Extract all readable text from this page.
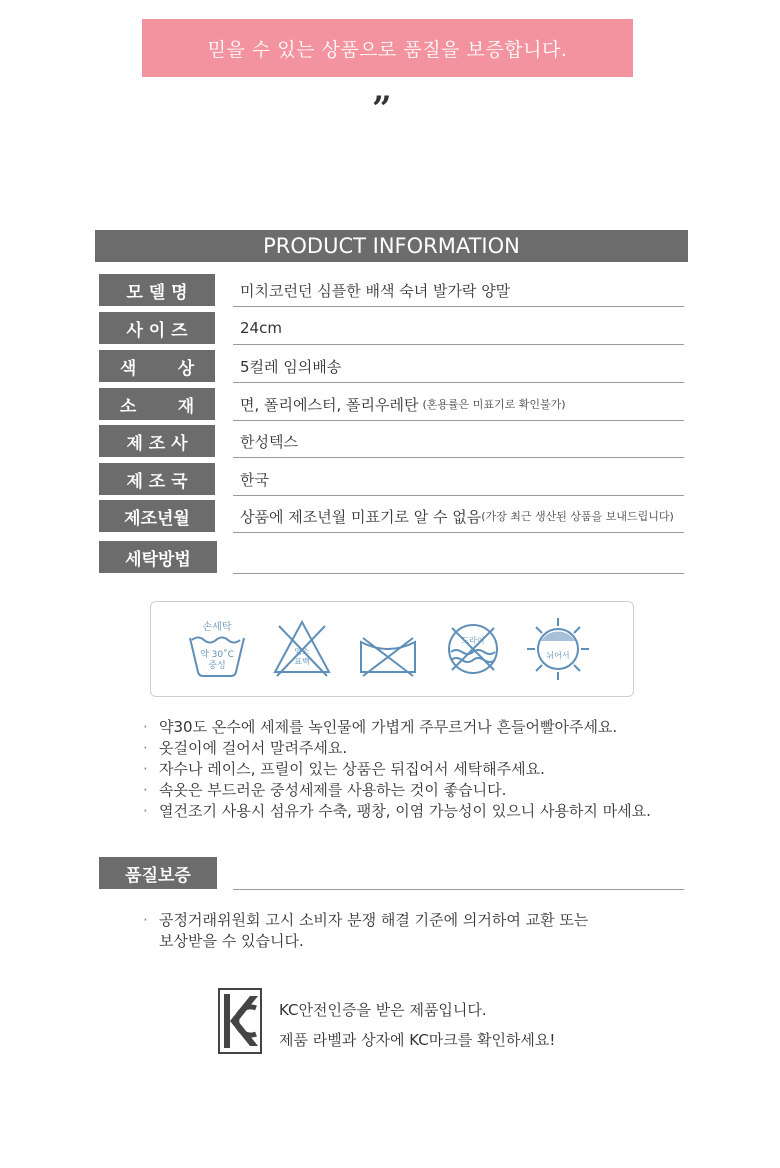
믿을 수 있는 상품으로 품질을 보증합니다.
”
PRODUCT INFORMATION
모 델 명	미치코런던 심플한 배색 숙녀 발가락 양말
사 이 즈	24cm
색       상	5컬레 임의배송
소       재	면, 폴리에스터, 폴리우레탄 (혼용률은 미표기로 확인불가)
제 조 사	한성텍스
제 조 국	한국
제조년월	상품에 제조년월 미표기로 알 수 없음 (가장 최근 생산된 상품을 보내드립니다)
세탁방법
손세탁
약 30˚C
중성
염소
표백
드라이
뉘어서
· 약30도 온수에 세제를 녹인물에 가볍게 주무르거나 흔들어빨아주세요.
· 옷걸이에 걸어서 말려주세요.
· 자수나 레이스, 프릴이 있는 상품은 뒤집어서 세탁해주세요.
· 속옷은 부드러운 중성세제를 사용하는 것이 좋습니다.
· 열건조기 사용시 섬유가 수축, 팽창, 이염 가능성이 있으니 사용하지 마세요.
품질보증
· 공정거래위원회 고시 소비자 분쟁 해결 기준에 의거하여 교환 또는
보상받을 수 있습니다.
KC
KC안전인증을 받은 제품입니다.
제품 라벨과 상자에 KC마크를 확인하세요!
